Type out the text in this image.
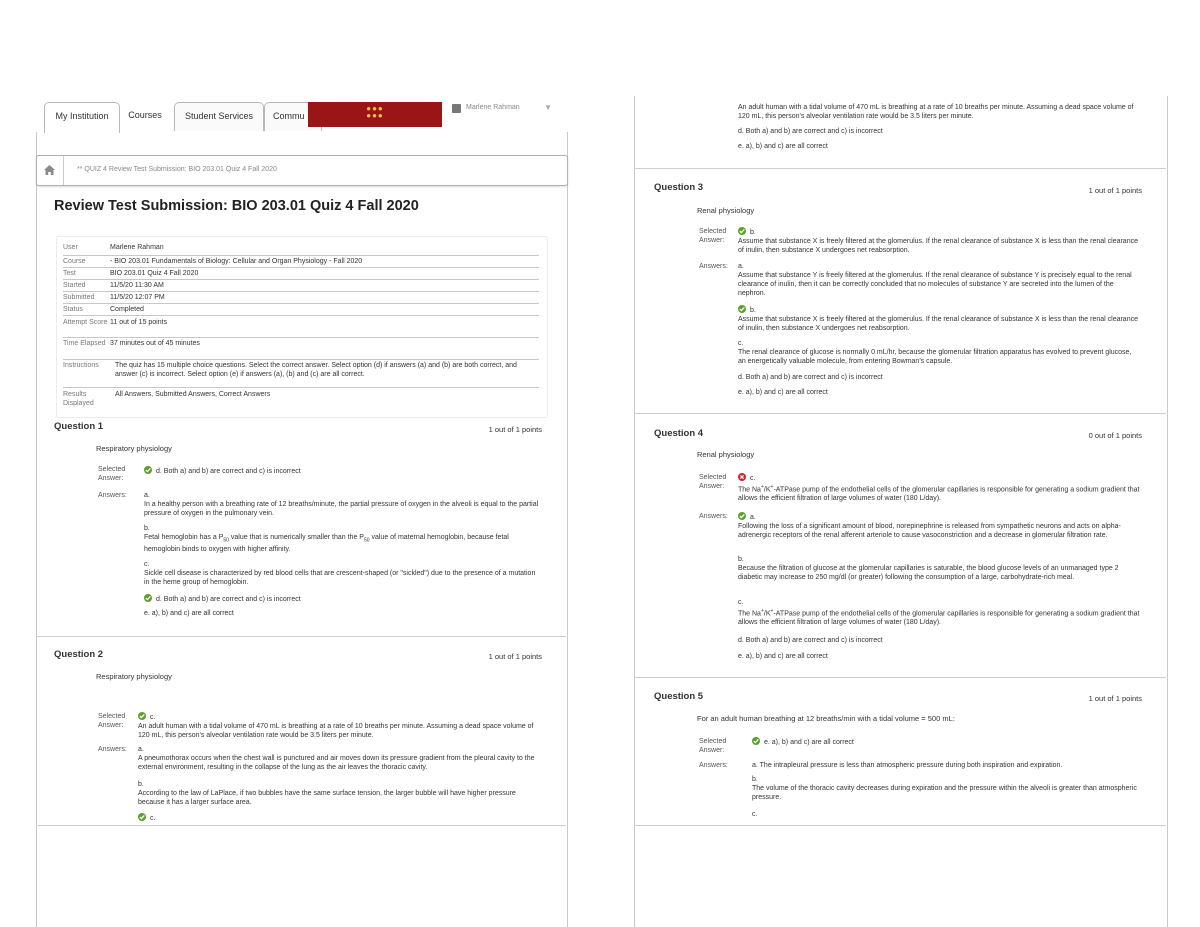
My Institution	Courses	Student Services	Commu
●●●
●●●
Marlene Rahman	▼
** QUIZ 4 Review Test Submission: BIO 203.01 Quiz 4 Fall 2020
Review Test Submission: BIO 203.01 Quiz 4 Fall 2020
User	Marlene Rahman
Course	- BIO 203.01 Fundamentals of Biology: Cellular and Organ Physiology - Fall 2020
Test	BIO 203.01 Quiz 4 Fall 2020
Started	11/5/20 11:30 AM
Submitted	11/5/20 12:07 PM
Status	Completed
Attempt Score 11 out of 15 points
Time Elapsed 37 minutes out of 45 minutes
Instructions	The quiz has 15 multiple choice questions. Select the correct answer. Select option (d) if answers (a) and (b) are both correct, and answer (c) is incorrect. Select option (e) if answers (a), (b) and (c) are all correct.
Results Displayed
All Answers, Submitted Answers, Correct Answers
Question 1	1 out of 1 points
Respiratory physiology
Selected Answer:
d. Both a) and b) are correct and c) is incorrect
Answers: a.
In a healthy person with a breathing rate of 12 breaths/minute, the partial pressure of oxygen in the alveoli is equal to the partial pressure of oxygen in the pulmonary vein.
b.
Fetal hemoglobin has a $P_{50}$ value that is numerically smaller than the $P_{50}$ value of maternal hemoglobin, because fetal hemoglobin binds to oxygen with higher affinity.
c.
Sickle cell disease is characterized by red blood cells that are crescent-shaped (or "sickled") due to the presence of a mutation in the heme group of hemoglobin.
d. Both a) and b) are correct and c) is incorrect
e. a), b) and c) are all correct
Question 2	1 out of 1 points
Respiratory physiology
Selected Answer:
c.
An adult human with a tidal volume of 470 mL is breathing at a rate of 10 breaths per minute. Assuming a dead space volume of 120 mL, this person's alveolar ventilation rate would be 3.5 liters per minute.
Answers: a.
A pneumothorax occurs when the chest wall is punctured and air moves down its pressure gradient from the pleural cavity to the external environment, resulting in the collapse of the lung as the air leaves the thoracic cavity.
b.
According to the law of LaPlace, if two bubbles have the same surface tension, the larger bubble will have higher pressure because it has a larger surface area.
c.
An adult human with a tidal volume of 470 mL is breathing at a rate of 10 breaths per minute. Assuming a dead space volume of 120 mL, this person's alveolar ventilation rate would be 3.5 liters per minute.
d. Both a) and b) are correct and c) is incorrect
e. a), b) and c) are all correct
Question 3	1 out of 1 points
Renal physiology
Selected Answer:
b.
Assume that substance X is freely filtered at the glomerulus. If the renal clearance of substance X is less than the renal clearance of inulin, then substance X undergoes net reabsorption.
Answers: a.
Assume that substance Y is freely filtered at the glomerulus. If the renal clearance of substance Y is precisely equal to the renal clearance of inulin, then it can be correctly concluded that no molecules of substance Y are secreted into the lumen of the nephron.
b.
Assume that substance X is freely filtered at the glomerulus. If the renal clearance of substance X is less than the renal clearance of inulin, then substance X undergoes net reabsorption.
c.
The renal clearance of glucose is normally 0 mL/hr, because the glomerular filtration apparatus has evolved to prevent glucose, an energetically valuable molecule, from entering Bowman's capsule.
d. Both a) and b) are correct and c) is incorrect
e. a), b) and c) are all correct
Question 4	0 out of 1 points
Renal physiology
Selected Answer:
c.
The Na+/K+-ATPase pump of the endothelial cells of the glomerular capillaries is responsible for generating a sodium gradient that allows the efficient filtration of large volumes of water (180 L/day).
Answers:	a.
Following the loss of a significant amount of blood, norepinephrine is released from sympathetic neurons and acts on alpha-adrenergic receptors of the renal afferent arteriole to cause vasoconstriction and a decrease in glomerular filtration rate.
b.
Because the filtration of glucose at the glomerular capillaries is saturable, the blood glucose levels of an unmanaged type 2 diabetic may increase to 250 mg/dl (or greater) following the consumption of a large, carbohydrate-rich meal.
c.
The Na+/K+-ATPase pump of the endothelial cells of the glomerular capillaries is responsible for generating a sodium gradient that allows the efficient filtration of large volumes of water (180 L/day).
d. Both a) and b) are correct and c) is incorrect
e. a), b) and c) are all correct
Question 5	1 out of 1 points
For an adult human breathing at 12 breaths/min with a tidal volume = 500 mL:
Selected Answer:
e. a), b) and c) are all correct
Answers:	a. The intrapleural pressure is less than atmospheric pressure during both inspiration and expiration.
b.
The volume of the thoracic cavity decreases during expiration and the pressure within the alveoli is greater than atmospheric pressure.
c.
